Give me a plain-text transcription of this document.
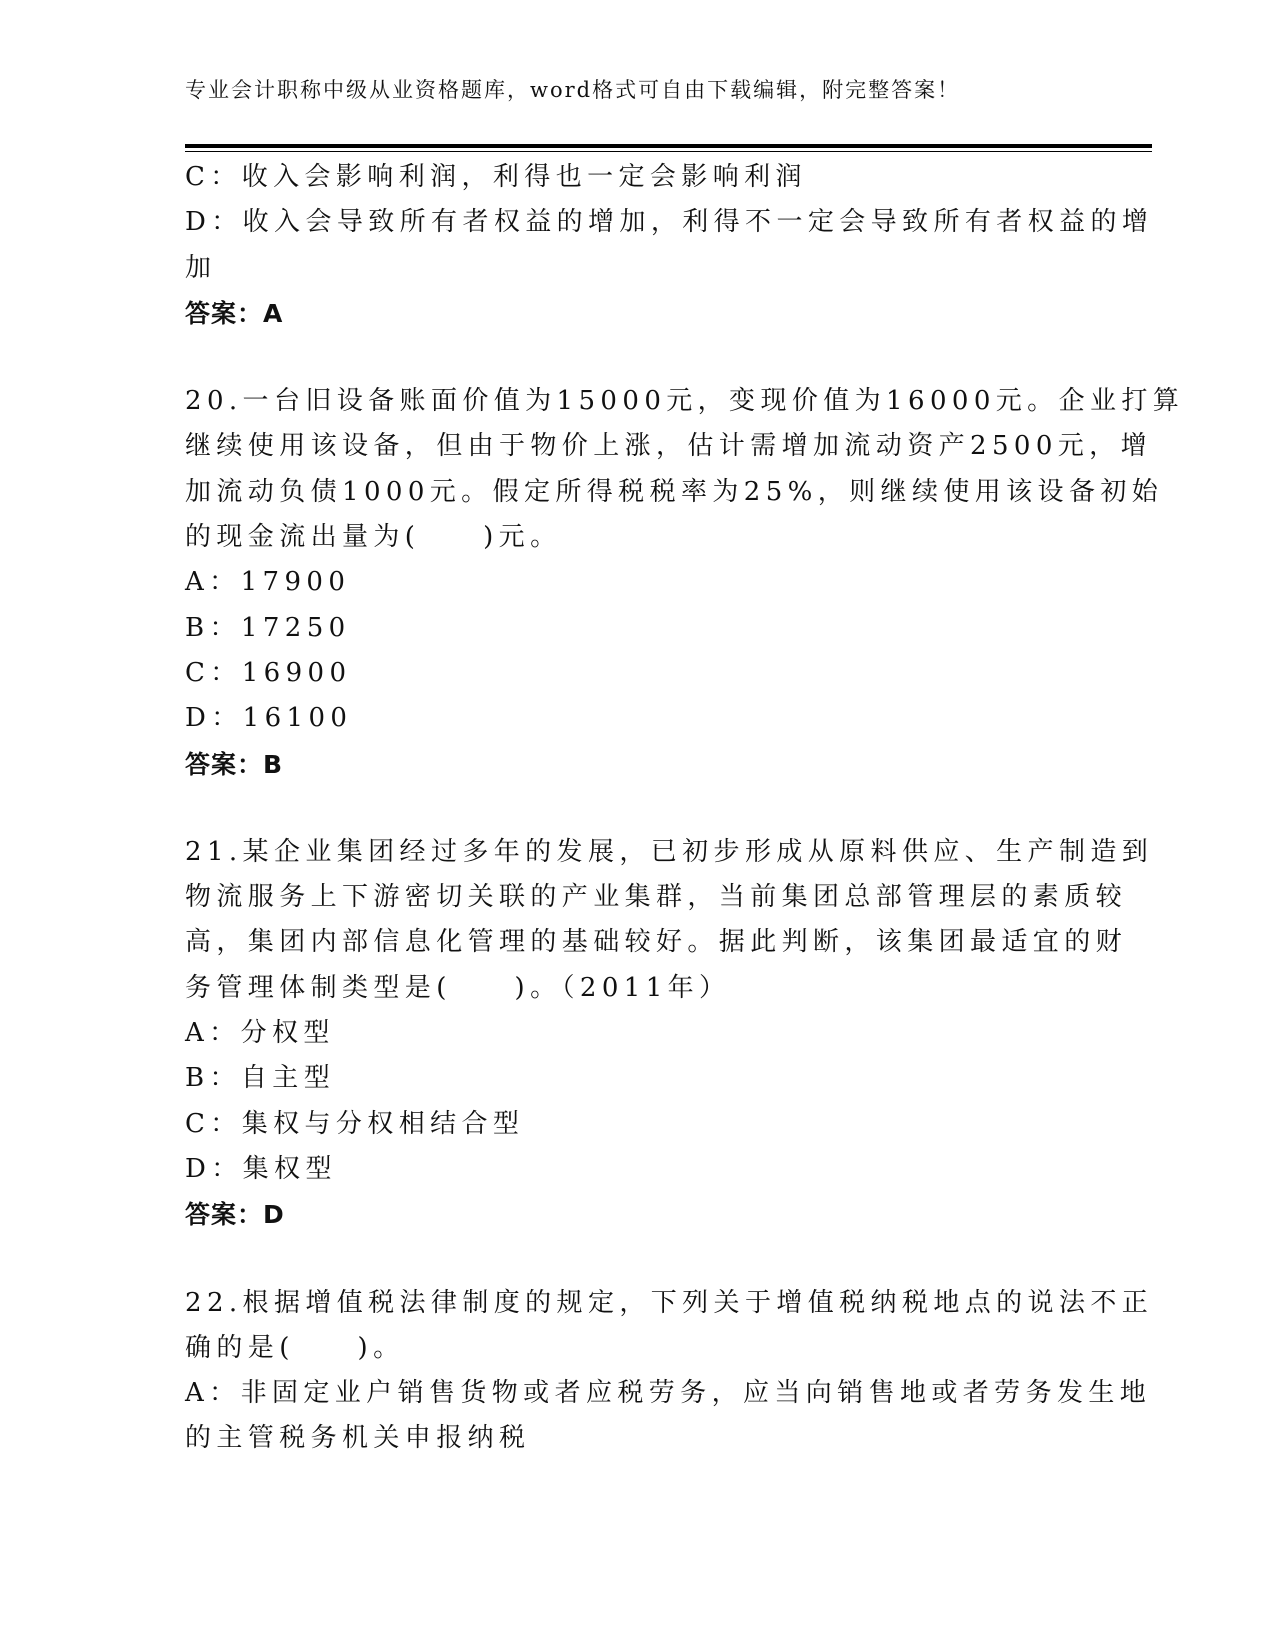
专业会计职称中级从业资格题库，word格式可自由下载编辑，附完整答案！
C：收入会影响利润，利得也一定会影响利润
D：收入会导致所有者权益的增加，利得不一定会导致所有者权益的增
加
答案：A
20.一台旧设备账面价值为15000元，变现价值为16000元。企业打算
继续使用该设备，但由于物价上涨，估计需增加流动资产2500元，增
加流动负债1000元。假定所得税税率为25%，则继续使用该设备初始
的现金流出量为(　　)元。
A：17900
B：17250
C：16900
D：16100
答案：B
21.某企业集团经过多年的发展，已初步形成从原料供应、生产制造到
物流服务上下游密切关联的产业集群，当前集团总部管理层的素质较
高，集团内部信息化管理的基础较好。据此判断，该集团最适宜的财
务管理体制类型是(　　)。（2011年）
A：分权型
B：自主型
C：集权与分权相结合型
D：集权型
答案：D
22.根据增值税法律制度的规定，下列关于增值税纳税地点的说法不正
确的是(　　)。
A：非固定业户销售货物或者应税劳务，应当向销售地或者劳务发生地
的主管税务机关申报纳税
